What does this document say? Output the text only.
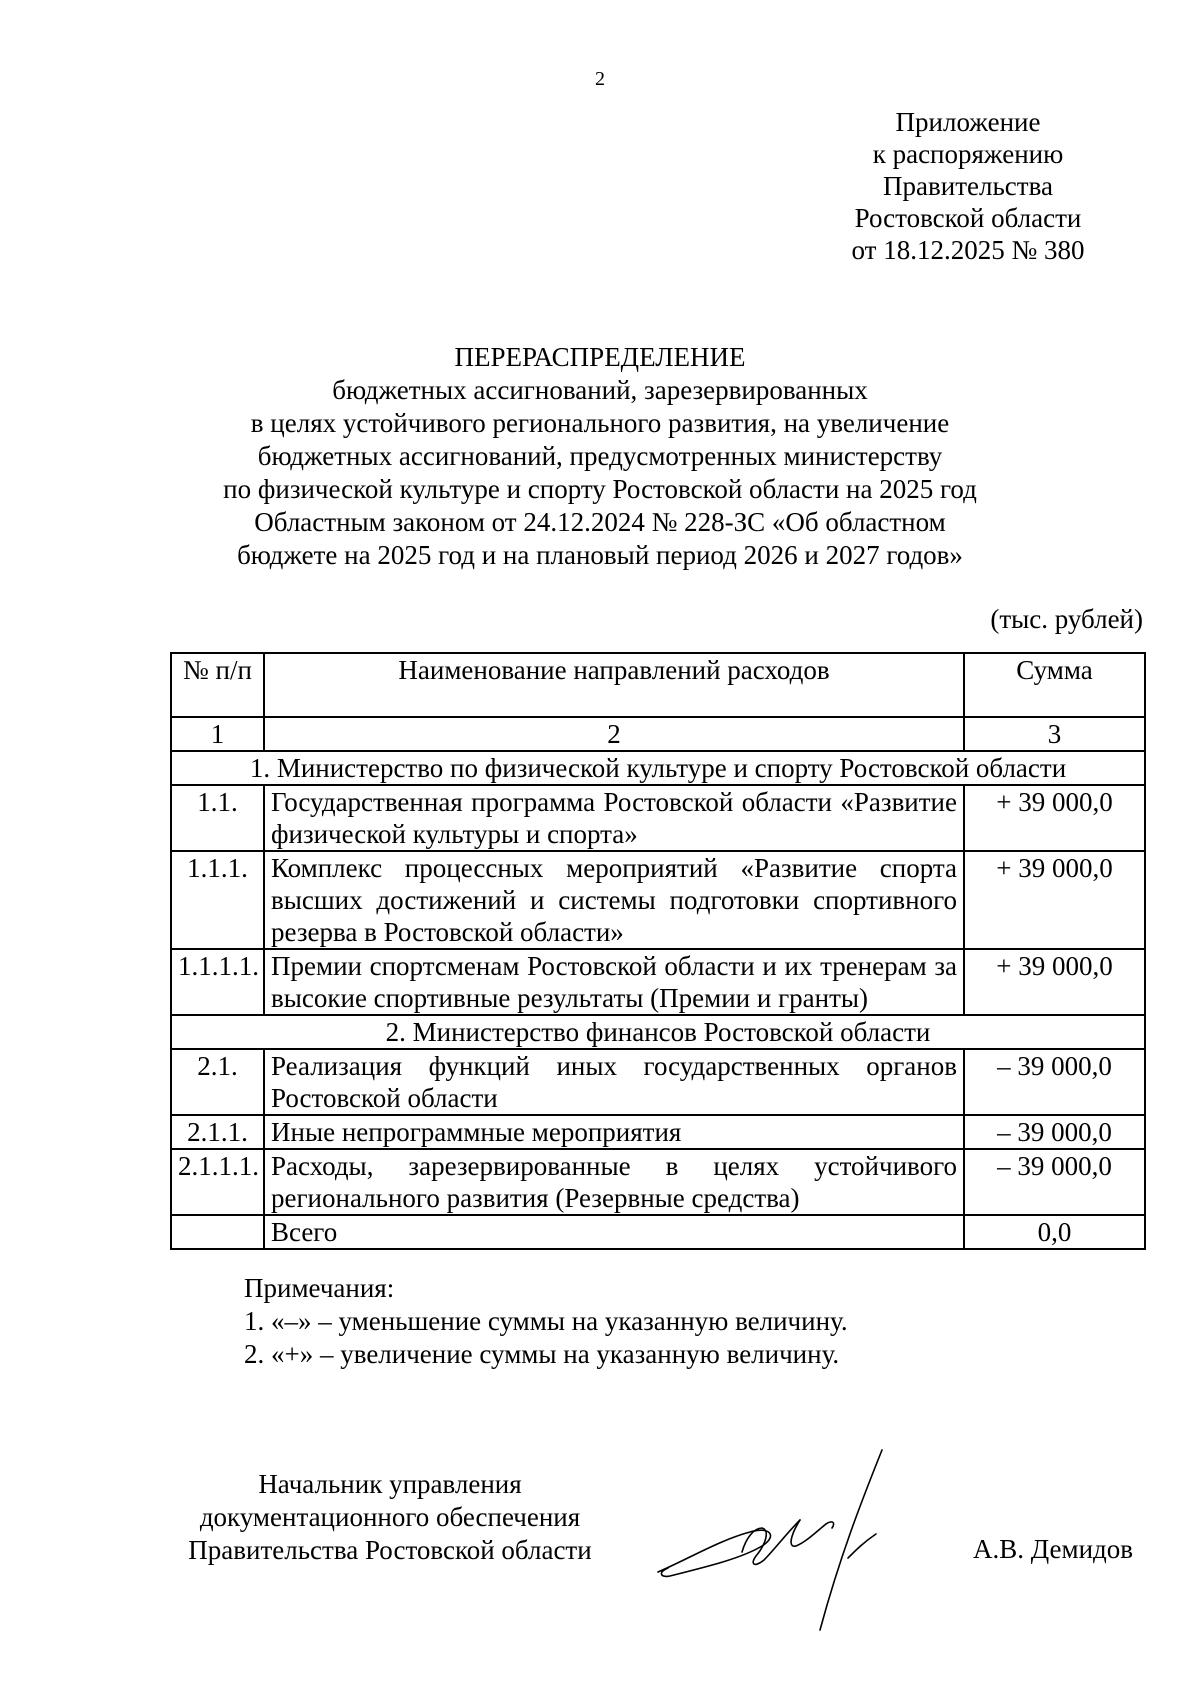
2
Приложение
к распоряжению
Правительства
Ростовской области
от 18.12.2025 № 380
ПЕРЕРАСПРЕДЕЛЕНИЕ
бюджетных ассигнований, зарезервированных
в целях устойчивого регионального развития, на увеличение
бюджетных ассигнований, предусмотренных министерству
по физической культуре и спорту Ростовской области на 2025 год
Областным законом от 24.12.2024 № 228-ЗС «Об областном
бюджете на 2025 год и на плановый период 2026 и 2027 годов»
(тыс. рублей)
№ п/п	Наименование направлений расходов	Сумма
1	2	3
1. Министерство по физической культуре и спорту Ростовской области		
1.1.	Государственная программа Ростовской области «Развитие физической культуры и спорта»	+ 39 000,0
1.1.1.	Комплекс процессных мероприятий «Развитие спорта высших достижений и системы подготовки спортивного резерва в Ростовской области»	+ 39 000,0
1.1.1.1.	Премии спортсменам Ростовской области и их тренерам за высокие спортивные результаты (Премии и гранты)	+ 39 000,0
2. Министерство финансов Ростовской области		
2.1.	Реализация функций иных государственных органов Ростовской области	– 39 000,0
2.1.1.	Иные непрограммные мероприятия	– 39 000,0
2.1.1.1.	Расходы, зарезервированные в целях устойчивого регионального развития (Резервные средства)	– 39 000,0
	Всего	0,0
Примечания:
1. «–» – уменьшение суммы на указанную величину.
2. «+» – увеличение суммы на указанную величину.
Начальник управления
документационного обеспечения
Правительства Ростовской области	А.В. Демидов
